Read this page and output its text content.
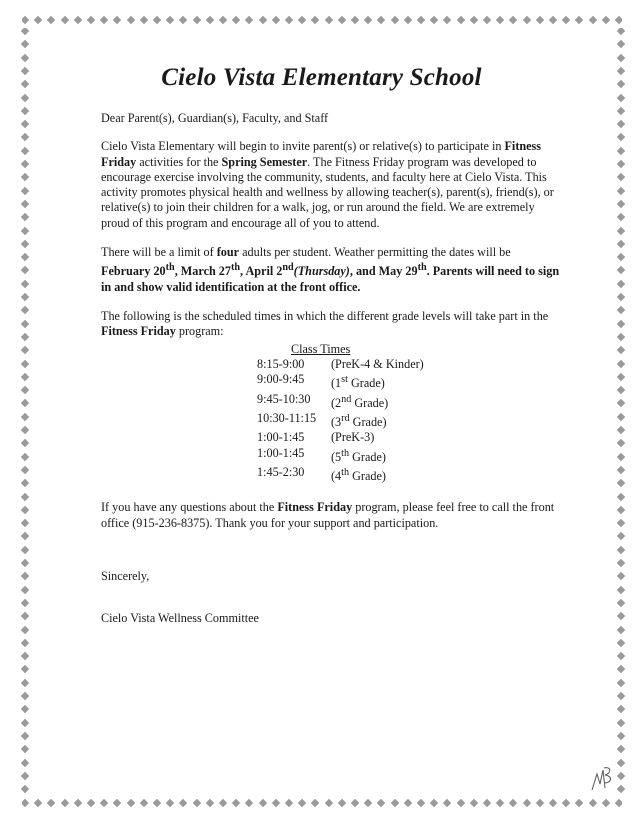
Cielo Vista Elementary School

Dear Parent(s), Guardian(s), Faculty, and Staff

Cielo Vista Elementary will begin to invite parent(s) or relative(s) to participate in Fitness Friday activities for the Spring Semester. The Fitness Friday program was developed to encourage exercise involving the community, students, and faculty here at Cielo Vista. This activity promotes physical health and wellness by allowing teacher(s), parent(s), friend(s), or relative(s) to join their children for a walk, jog, or run around the field. We are extremely proud of this program and encourage all of you to attend.

There will be a limit of four adults per student. Weather permitting the dates will be February 20th, March 27th, April 2nd(Thursday), and May 29th. Parents will need to sign in and show valid identification at the front office.

The following is the scheduled times in which the different grade levels will take part in the Fitness Friday program:

Class Times
8:15-9:00	(PreK-4 & Kinder)
9:00-9:45	(1st Grade)
9:45-10:30	(2nd Grade)
10:30-11:15	(3rd Grade)
1:00-1:45	(PreK-3)
1:00-1:45	(5th Grade)
1:45-2:30	(4th Grade)

If you have any questions about the Fitness Friday program, please feel free to call the front office (915-236-8375). Thank you for your support and participation.

Sincerely,

Cielo Vista Wellness Committee
